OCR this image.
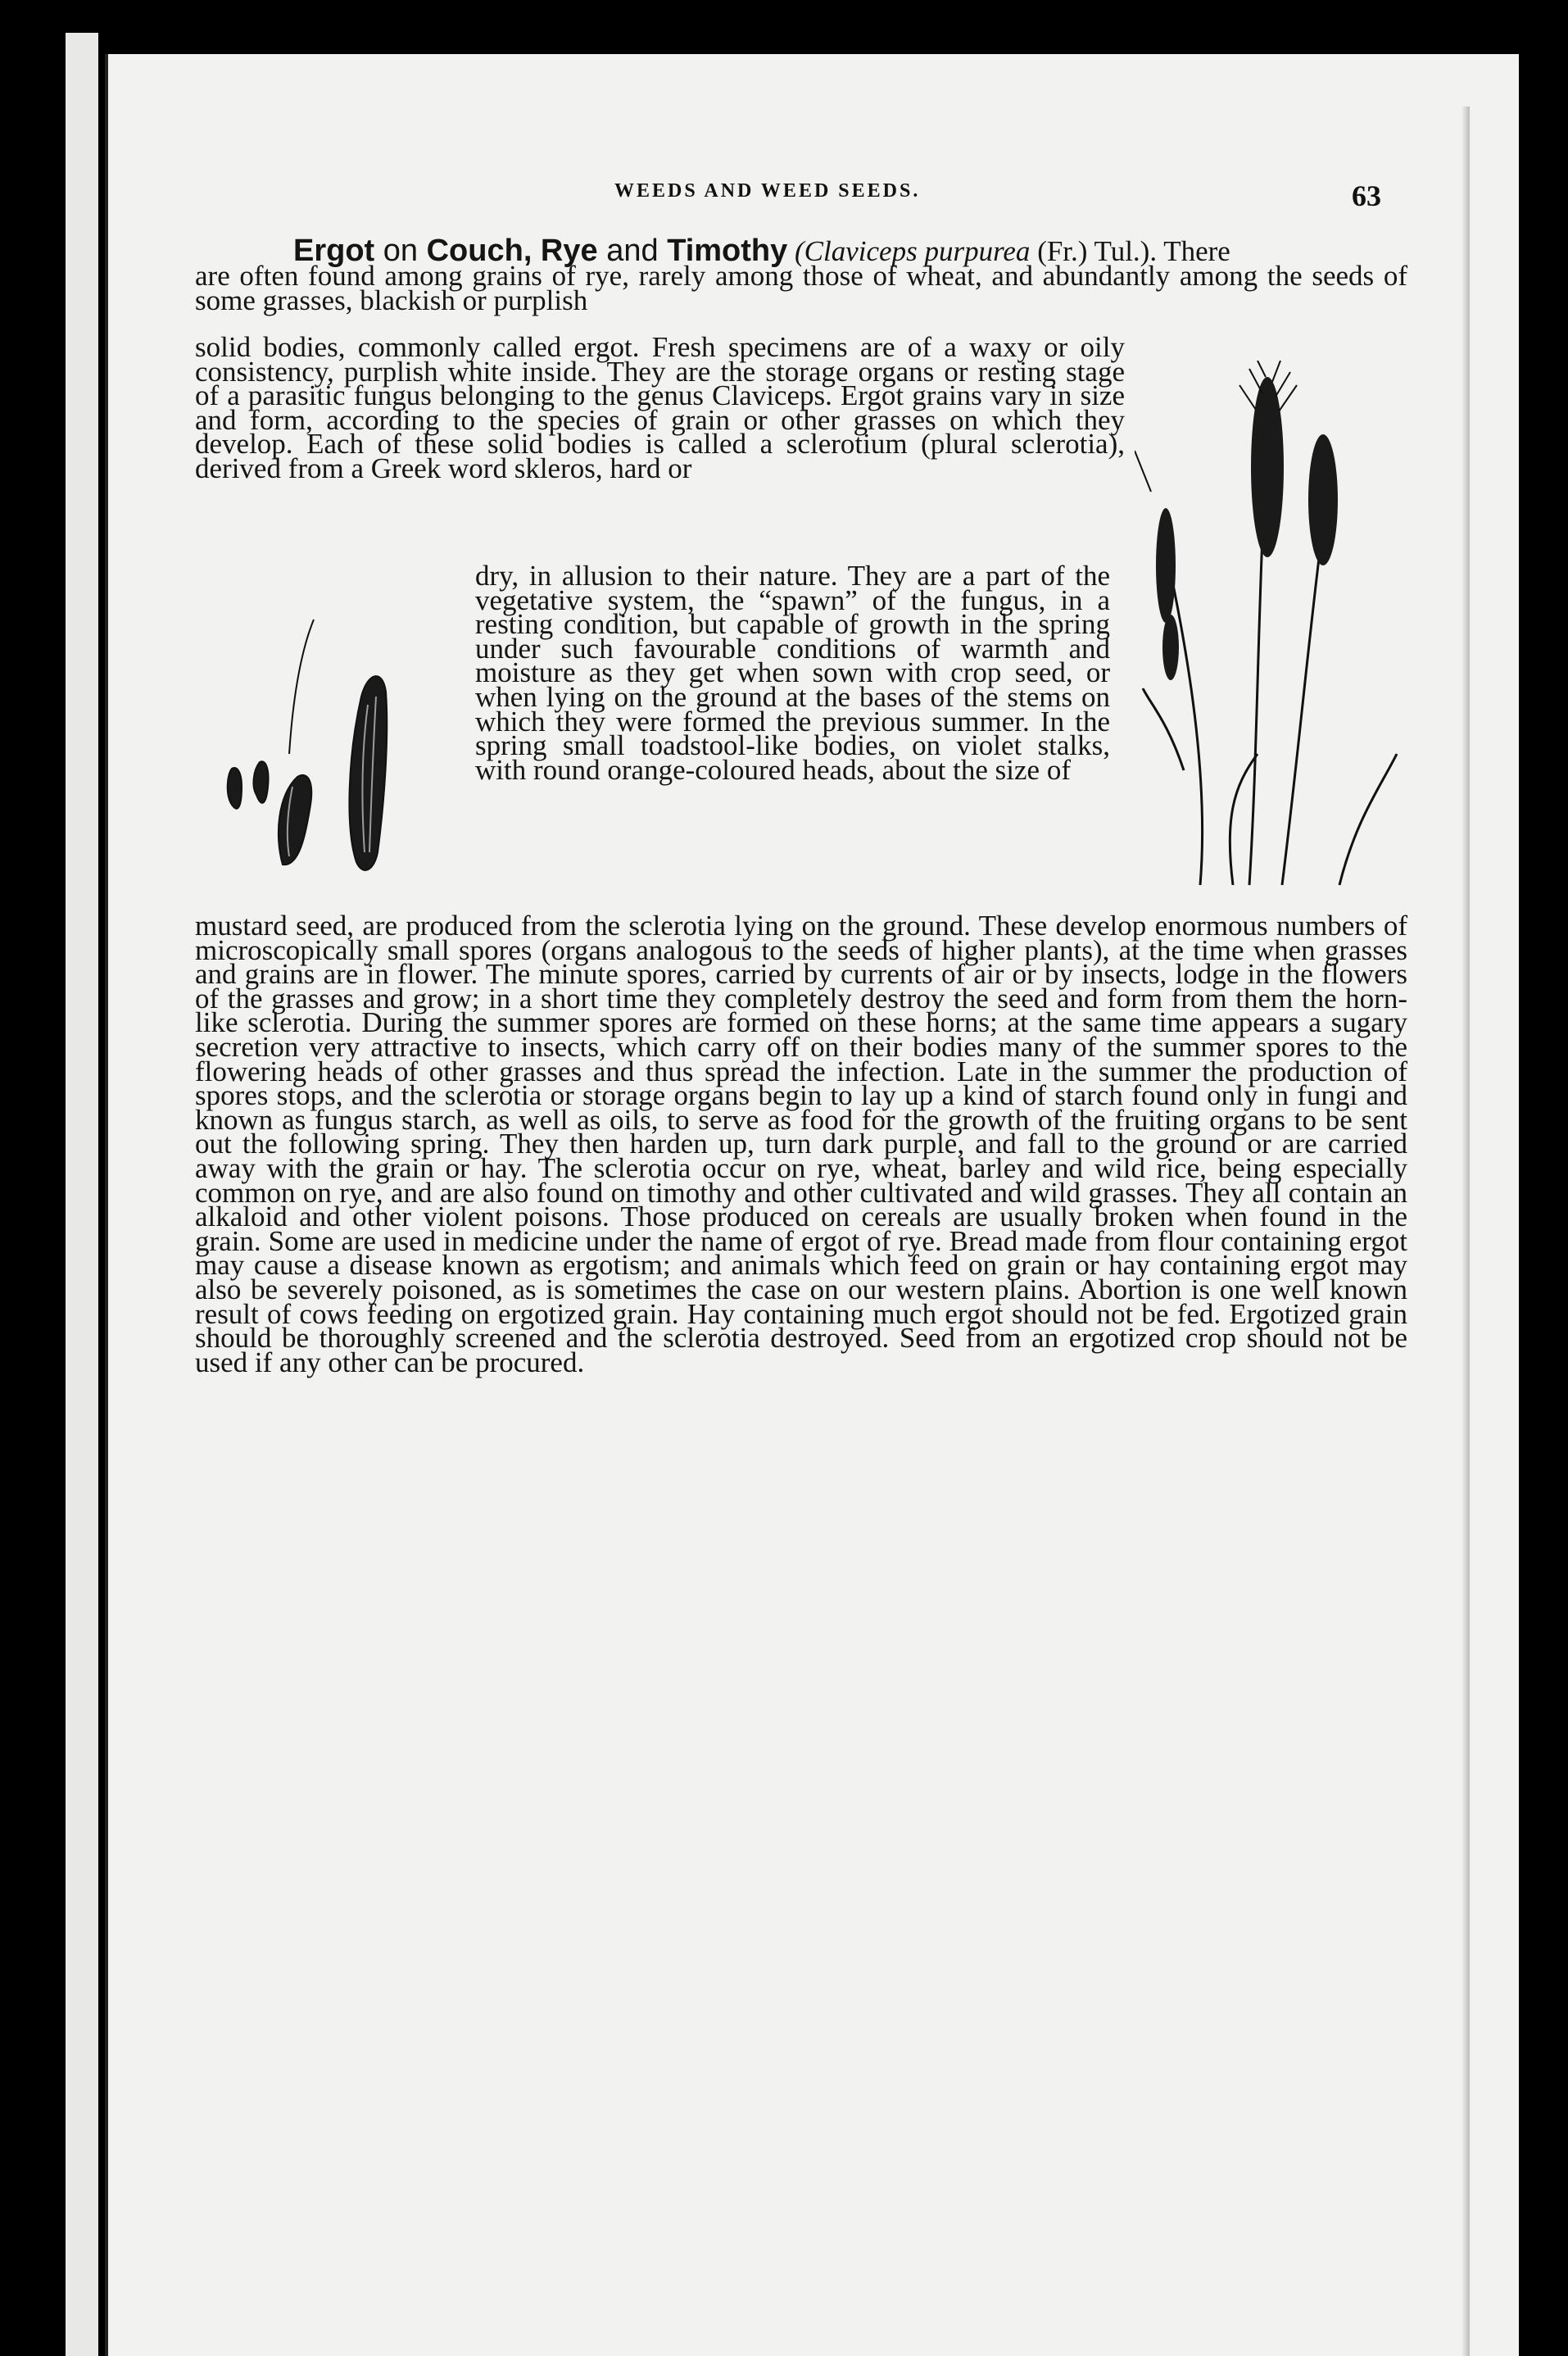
WEEDS AND WEED SEEDS.	63

Ergot on Couch, Rye and Timothy (Claviceps purpurea (Fr.) Tul.). There

are often found among grains of rye, rarely among those of wheat, and abundantly among the seeds of some grasses, blackish or purplish

solid bodies, commonly called ergot. Fresh specimens are of a waxy or oily consistency, purplish white inside. They are the storage organs or resting stage of a parasitic fungus belonging to the genus Claviceps. Ergot grains vary in size and form, according to the species of grain or other grasses on which they develop. Each of these solid bodies is called a sclerotium (plural sclerotia), derived from a Greek word skleros, hard or

dry, in allusion to their nature. They are a part of the vegetative system, the “spawn” of the fungus, in a resting condition, but capable of growth in the spring under such favourable conditions of warmth and moisture as they get when sown with crop seed, or when lying on the ground at the bases of the stems on which they were formed the previous summer. In the spring small toadstool-like bodies, on violet stalks, with round orange-coloured heads, about the size of

mustard seed, are produced from the sclerotia lying on the ground. These develop enormous numbers of microscopically small spores (organs analogous to the seeds of higher plants), at the time when grasses and grains are in flower. The minute spores, carried by currents of air or by insects, lodge in the flowers of the grasses and grow; in a short time they completely destroy the seed and form from them the horn-like sclerotia. During the summer spores are formed on these horns; at the same time appears a sugary secretion very attractive to insects, which carry off on their bodies many of the summer spores to the flowering heads of other grasses and thus spread the infection. Late in the summer the production of spores stops, and the sclerotia or storage organs begin to lay up a kind of starch found only in fungi and known as fungus starch, as well as oils, to serve as food for the growth of the fruiting organs to be sent out the following spring. They then harden up, turn dark purple, and fall to the ground or are carried away with the grain or hay. The sclerotia occur on rye, wheat, barley and wild rice, being especially common on rye, and are also found on timothy and other cultivated and wild grasses. They all contain an alkaloid and other violent poisons. Those produced on cereals are usually broken when found in the grain. Some are used in medicine under the name of ergot of rye. Bread made from flour containing ergot may cause a disease known as ergotism; and animals which feed on grain or hay containing ergot may also be severely poisoned, as is sometimes the case on our western plains. Abortion is one well known result of cows feeding on ergotized grain. Hay containing much ergot should not be fed. Ergotized grain should be thoroughly screened and the sclerotia destroyed. Seed from an ergotized crop should not be used if any other can be procured.
